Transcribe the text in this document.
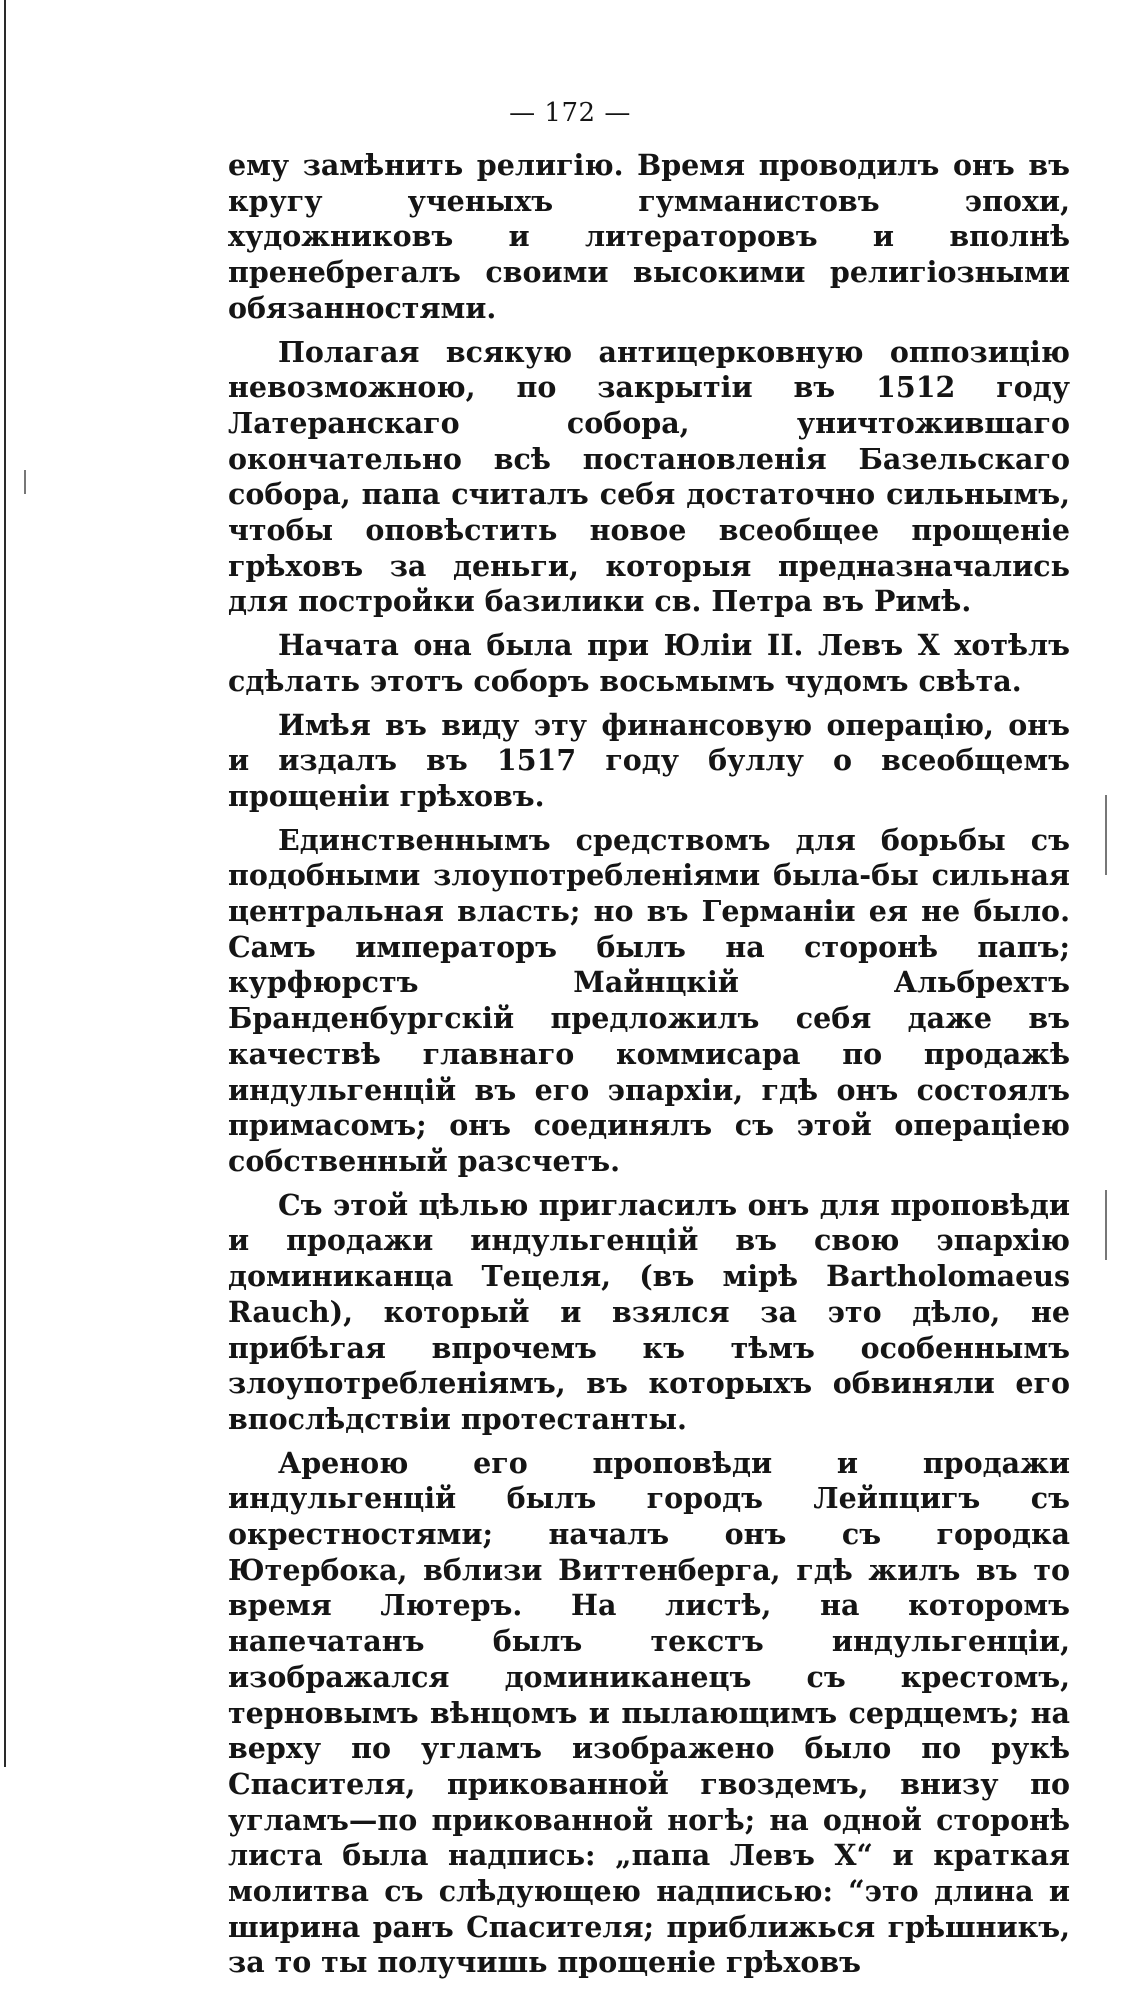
— 172 —

ему замѣнить религію. Время проводилъ онъ въ кругу ученыхъ гумманистовъ эпохи, художниковъ и литераторовъ и вполнѣ пренебрегалъ своими высокими религіозными обязанностями.

Полагая всякую антицерковную оппозицію невозможною, по закрытіи въ 1512 году Латеранскаго собора, уничтожившаго окончательно всѣ постановленія Базельскаго собора, папа считалъ себя достаточно сильнымъ, чтобы оповѣстить новое всеобщее прощеніе грѣховъ за деньги, которыя предназначались для постройки базилики св. Петра въ Римѣ.

Начата она была при Юліи II. Левъ X хотѣлъ сдѣлать этотъ соборъ восьмымъ чудомъ свѣта.

Имѣя въ виду эту финансовую операцію, онъ и издалъ въ 1517 году буллу о всеобщемъ прощеніи грѣховъ.

Единственнымъ средствомъ для борьбы съ подобными злоупотребленіями была-бы сильная центральная власть; но въ Германіи ея не было. Самъ императоръ былъ на сторонѣ папъ; курфюрстъ Майнцкій Альбрехтъ Бранденбургскій предложилъ себя даже въ качествѣ главнаго коммисара по продажѣ индульгенцій въ его эпархіи, гдѣ онъ состоялъ примасомъ; онъ соединялъ съ этой операціею собственный разсчетъ.

Съ этой цѣлью пригласилъ онъ для проповѣди и продажи индульгенцій въ свою эпархію доминиканца Тецеля, (въ мірѣ Bartholomaeus Rauch), который и взялся за это дѣло, не прибѣгая впрочемъ къ тѣмъ особеннымъ злоупотребленіямъ, въ которыхъ обвиняли его впослѣдствіи протестанты.

Ареною его проповѣди и продажи индульгенцій былъ городъ Лейпцигъ съ окрестностями; началъ онъ съ городка Ютербока, вблизи Виттенберга, гдѣ жилъ въ то время Лютеръ. На листѣ, на которомъ напечатанъ былъ текстъ индульгенціи, изображался доминиканецъ съ крестомъ, терновымъ вѣнцомъ и пылающимъ сердцемъ; на верху по угламъ изображено было по рукѣ Спасителя, прикованной гвоздемъ, внизу по угламъ—по прикованной ногѣ; на одной сторонѣ листа была надпись: „папа Левъ X“ и краткая молитва съ слѣдующею надписью: “это длина и ширина ранъ Спасителя; приближься грѣшникъ, за то ты получишь прощеніе грѣховъ
